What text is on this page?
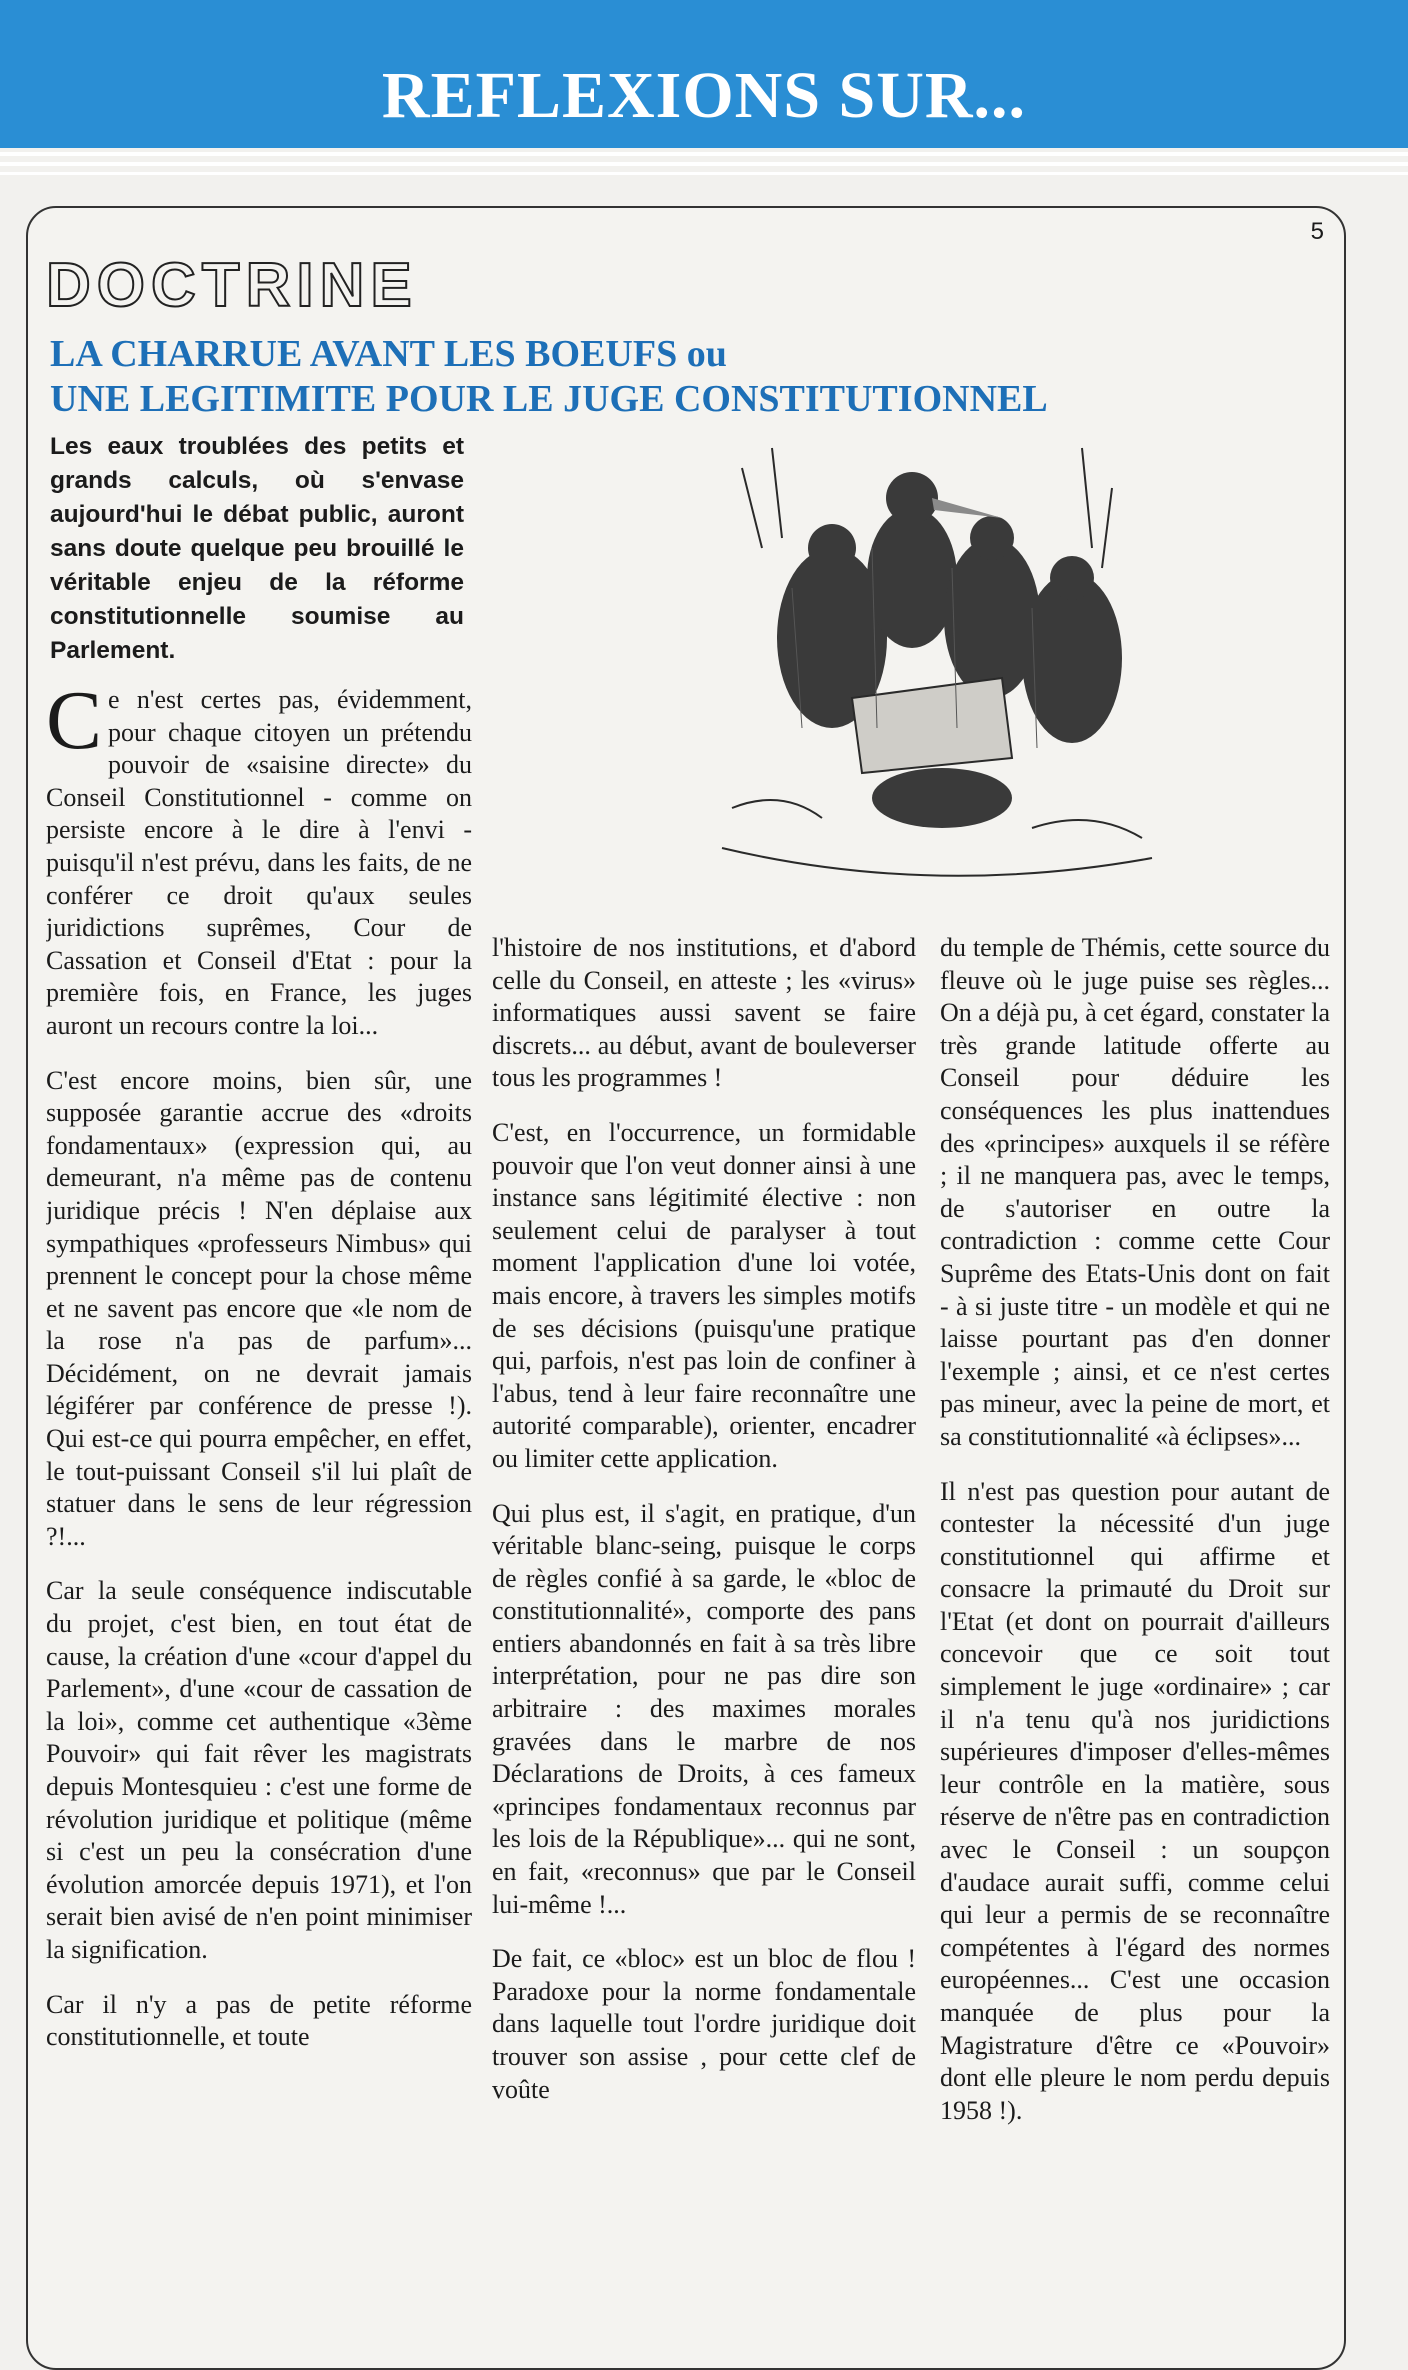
REFLEXIONS SUR...
5
DOCTRINE
LA CHARRUE AVANT LES BOEUFS ou
UNE LEGITIMITE POUR LE JUGE CONSTITUTIONNEL
Les eaux troublées des petits et grands calculs, où s'envase aujourd'hui le débat public, auront sans doute quelque peu brouillé le véritable enjeu de la réforme constitutionnelle soumise au Parlement.

Ce n'est certes pas, évidemment, pour chaque citoyen un prétendu pouvoir de «saisine directe» du Conseil Constitutionnel - comme on persiste encore à le dire à l'envi - puisqu'il n'est prévu, dans les faits, de ne conférer ce droit qu'aux seules juridictions suprêmes, Cour de Cassation et Conseil d'Etat : pour la première fois, en France, les juges auront un recours contre la loi...

C'est encore moins, bien sûr, une supposée garantie accrue des «droits fondamentaux» (expression qui, au demeurant, n'a même pas de contenu juridique précis ! N'en déplaise aux sympathiques «professeurs Nimbus» qui prennent le concept pour la chose même et ne savent pas encore que «le nom de la rose n'a pas de parfum»... Décidément, on ne devrait jamais légiférer par conférence de presse !). Qui est-ce qui pourra empêcher, en effet, le tout-puissant Conseil s'il lui plaît de statuer dans le sens de leur régression ?!...

Car la seule conséquence indiscutable du projet, c'est bien, en tout état de cause, la création d'une «cour d'appel du Parlement», d'une «cour de cassation de la loi», comme cet authentique «3ème Pouvoir» qui fait rêver les magistrats depuis Montesquieu : c'est une forme de révolution juridique et politique (même si c'est un peu la consécration d'une évolution amorcée depuis 1971), et l'on serait bien avisé de n'en point minimiser la signification.

Car il n'y a pas de petite réforme constitutionnelle, et toute

l'histoire de nos institutions, et d'abord celle du Conseil, en atteste ; les «virus» informatiques aussi savent se faire discrets... au début, avant de bouleverser tous les programmes !

C'est, en l'occurrence, un formidable pouvoir que l'on veut donner ainsi à une instance sans légitimité élective : non seulement celui de paralyser à tout moment l'application d'une loi votée, mais encore, à travers les simples motifs de ses décisions (puisqu'une pratique qui, parfois, n'est pas loin de confiner à l'abus, tend à leur faire reconnaître une autorité comparable), orienter, encadrer ou limiter cette application.

Qui plus est, il s'agit, en pratique, d'un véritable blanc-seing, puisque le corps de règles confié à sa garde, le «bloc de constitutionnalité», comporte des pans entiers abandonnés en fait à sa très libre interprétation, pour ne pas dire son arbitraire : des maximes morales gravées dans le marbre de nos Déclarations de Droits, à ces fameux «principes fondamentaux reconnus par les lois de la République»... qui ne sont, en fait, «reconnus» que par le Conseil lui-même !...

De fait, ce «bloc» est un bloc de flou ! Paradoxe pour la norme fondamentale dans laquelle tout l'ordre juridique doit trouver son assise , pour cette clef de voûte

du temple de Thémis, cette source du fleuve où le juge puise ses règles... On a déjà pu, à cet égard, constater la très grande latitude offerte au Conseil pour déduire les conséquences les plus inattendues des «principes» auxquels il se réfère ; il ne manquera pas, avec le temps, de s'autoriser en outre la contradiction : comme cette Cour Suprême des Etats-Unis dont on fait - à si juste titre - un modèle et qui ne laisse pourtant pas d'en donner l'exemple ; ainsi, et ce n'est certes pas mineur, avec la peine de mort, et sa constitutionnalité «à éclipses»...

Il n'est pas question pour autant de contester la nécessité d'un juge constitutionnel qui affirme et consacre la primauté du Droit sur l'Etat (et dont on pourrait d'ailleurs concevoir que ce soit tout simplement le juge «ordinaire» ; car il n'a tenu qu'à nos juridictions supérieures d'imposer d'elles-mêmes leur contrôle en la matière, sous réserve de n'être pas en contradiction avec le Conseil : un soupçon d'audace aurait suffi, comme celui qui leur a permis de se reconnaître compétentes à l'égard des normes européennes... C'est une occasion manquée de plus pour la Magistrature d'être ce «Pouvoir» dont elle pleure le nom perdu depuis 1958 !).
